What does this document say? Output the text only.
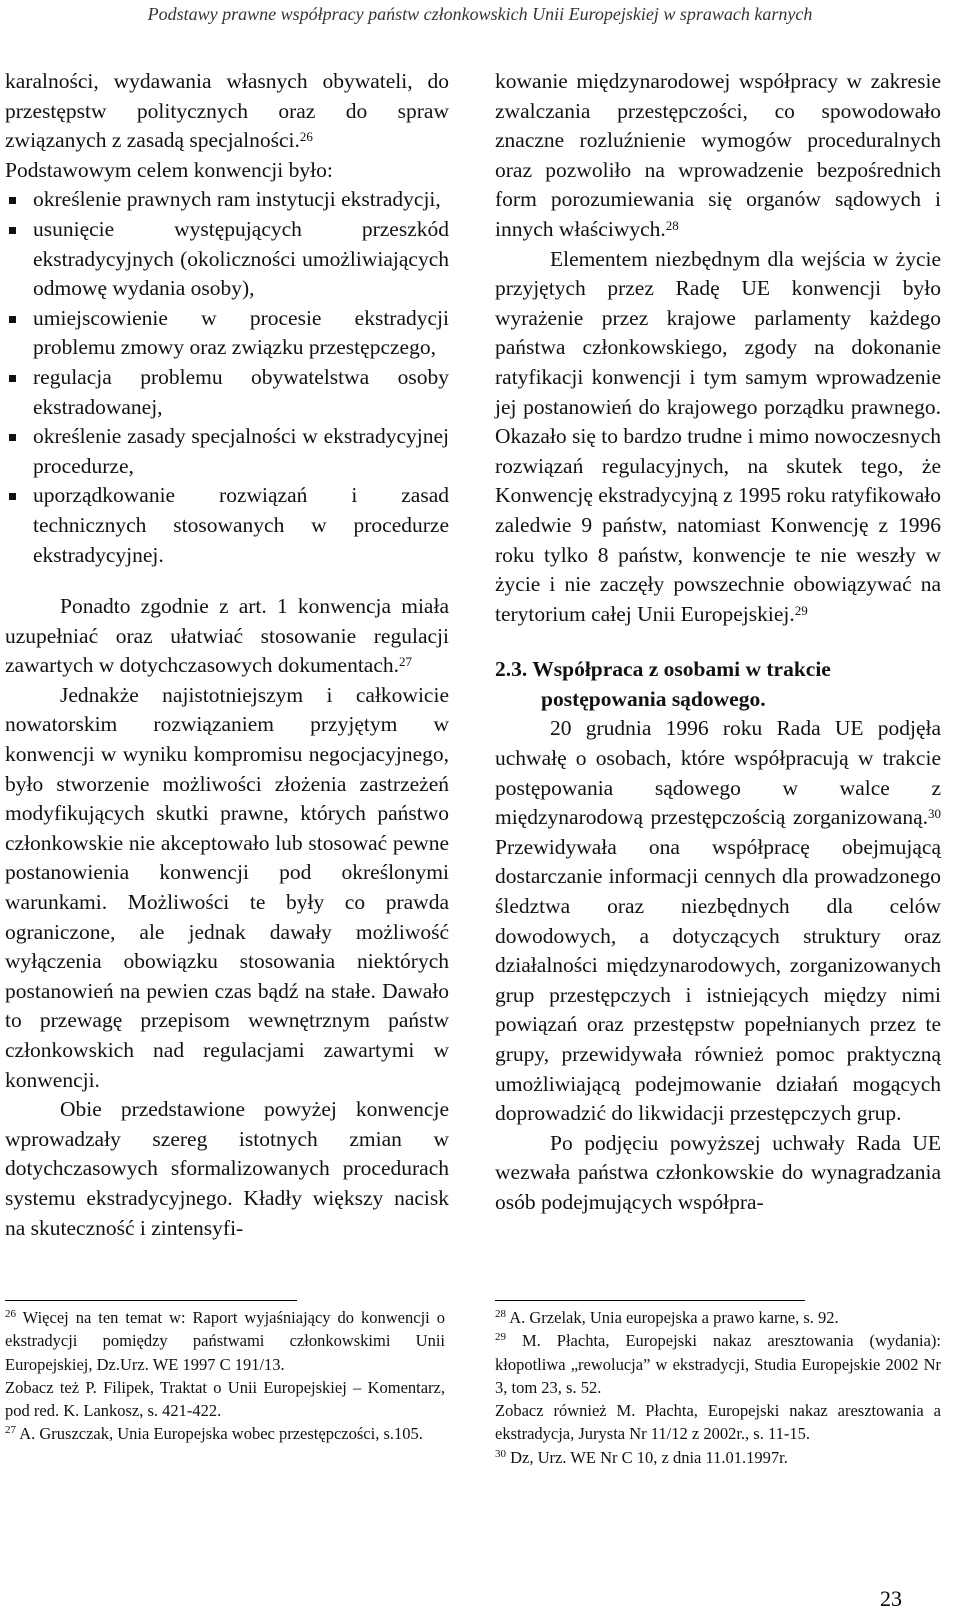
Podstawy prawne współpracy państw członkowskich Unii Europejskiej w sprawach karnych

karalności, wydawania własnych obywateli, do przestępstw politycznych oraz do spraw związanych z zasadą specjalności.$^{26}$

Podstawowym celem konwencji było:

określenie prawnych ram instytucji ekstradycji,
usunięcie występujących przeszkód ekstradycyjnych (okoliczności umożliwiających odmowę wydania osoby),
umiejscowienie w procesie ekstradycji problemu zmowy oraz związku przestępczego,
regulacja problemu obywatelstwa osoby ekstradowanej,
określenie zasady specjalności w ekstradycyjnej procedurze,
uporządkowanie rozwiązań i zasad technicznych stosowanych w procedurze ekstradycyjnej.

Ponadto zgodnie z art. 1 konwencja miała uzupełniać oraz ułatwiać stosowanie regulacji zawartych w dotychczasowych dokumentach.$^{27}$

Jednakże najistotniejszym i całkowicie nowatorskim rozwiązaniem przyjętym w konwencji w wyniku kompromisu negocjacyjnego, było stworzenie możliwości złożenia zastrzeżeń modyfikujących skutki prawne, których państwo członkowskie nie akceptowało lub stosować pewne postanowienia konwencji pod określonymi warunkami. Możliwości te były co prawda ograniczone, ale jednak dawały możliwość wyłączenia obowiązku stosowania niektórych postanowień na pewien czas bądź na stałe. Dawało to przewagę przepisom wewnętrznym państw członkowskich nad regulacjami zawartymi w konwencji.

Obie przedstawione powyżej konwencje wprowadzały szereg istotnych zmian w dotychczasowych sformalizowanych procedurach systemu ekstradycyjnego. Kładły większy nacisk na skuteczność i zintensyfi-

kowanie międzynarodowej współpracy w zakresie zwalczania przestępczości, co spowodowało znaczne rozluźnienie wymogów proceduralnych oraz pozwoliło na wprowadzenie bezpośrednich form porozumiewania się organów sądowych i innych właściwych.$^{28}$

Elementem niezbędnym dla wejścia w życie przyjętych przez Radę UE konwencji było wyrażenie przez krajowe parlamenty każdego państwa członkowskiego, zgody na dokonanie ratyfikacji konwencji i tym samym wprowadzenie jej postanowień do krajowego porządku prawnego. Okazało się to bardzo trudne i mimo nowoczesnych rozwiązań regulacyjnych, na skutek tego, że Konwencję ekstradycyjną z 1995 roku ratyfikowało zaledwie 9 państw, natomiast Konwencję z 1996 roku tylko 8 państw, konwencje te nie weszły w życie i nie zaczęły powszechnie obowiązywać na terytorium całej Unii Europejskiej.$^{29}$

2.3. Współpraca z osobami w trakcie postępowania sądowego.

20 grudnia 1996 roku Rada UE podjęła uchwałę o osobach, które współpracują w trakcie postępowania sądowego w walce z międzynarodową przestępczością zorganizowaną.$^{30}$ Przewidywała ona współpracę obejmującą dostarczanie informacji cennych dla prowadzonego śledztwa oraz niezbędnych dla celów dowodowych, a dotyczących struktury oraz działalności międzynarodowych, zorganizowanych grup przestępczych i istniejących między nimi powiązań oraz przestępstw popełnianych przez te grupy, przewidywała również pomoc praktyczną umożliwiającą podejmowanie działań mogących doprowadzić do likwidacji przestępczych grup.

Po podjęciu powyższej uchwały Rada UE wezwała państwa członkowskie do wynagradzania osób podejmujących współpra-

$^{26}$ Więcej na ten temat w: Raport wyjaśniający do konwencji o ekstradycji pomiędzy państwami członkowskimi Unii Europejskiej, Dz.Urz. WE 1997 C 191/13.

Zobacz też P. Filipek, Traktat o Unii Europejskiej – Komentarz, pod red. K. Lankosz, s. 421-422.

$^{27}$ A. Gruszczak, Unia Europejska wobec przestępczości, s.105.

$^{28}$ A. Grzelak, Unia europejska a prawo karne, s. 92.

$^{29}$ M. Płachta, Europejski nakaz aresztowania (wydania): kłopotliwa „rewolucja” w ekstradycji, Studia Europejskie 2002 Nr 3, tom 23, s. 52.

Zobacz również M. Płachta, Europejski nakaz aresztowania a ekstradycja, Jurysta Nr 11/12 z 2002r., s. 11-15.

$^{30}$ Dz, Urz. WE Nr C 10, z dnia 11.01.1997r.

23
